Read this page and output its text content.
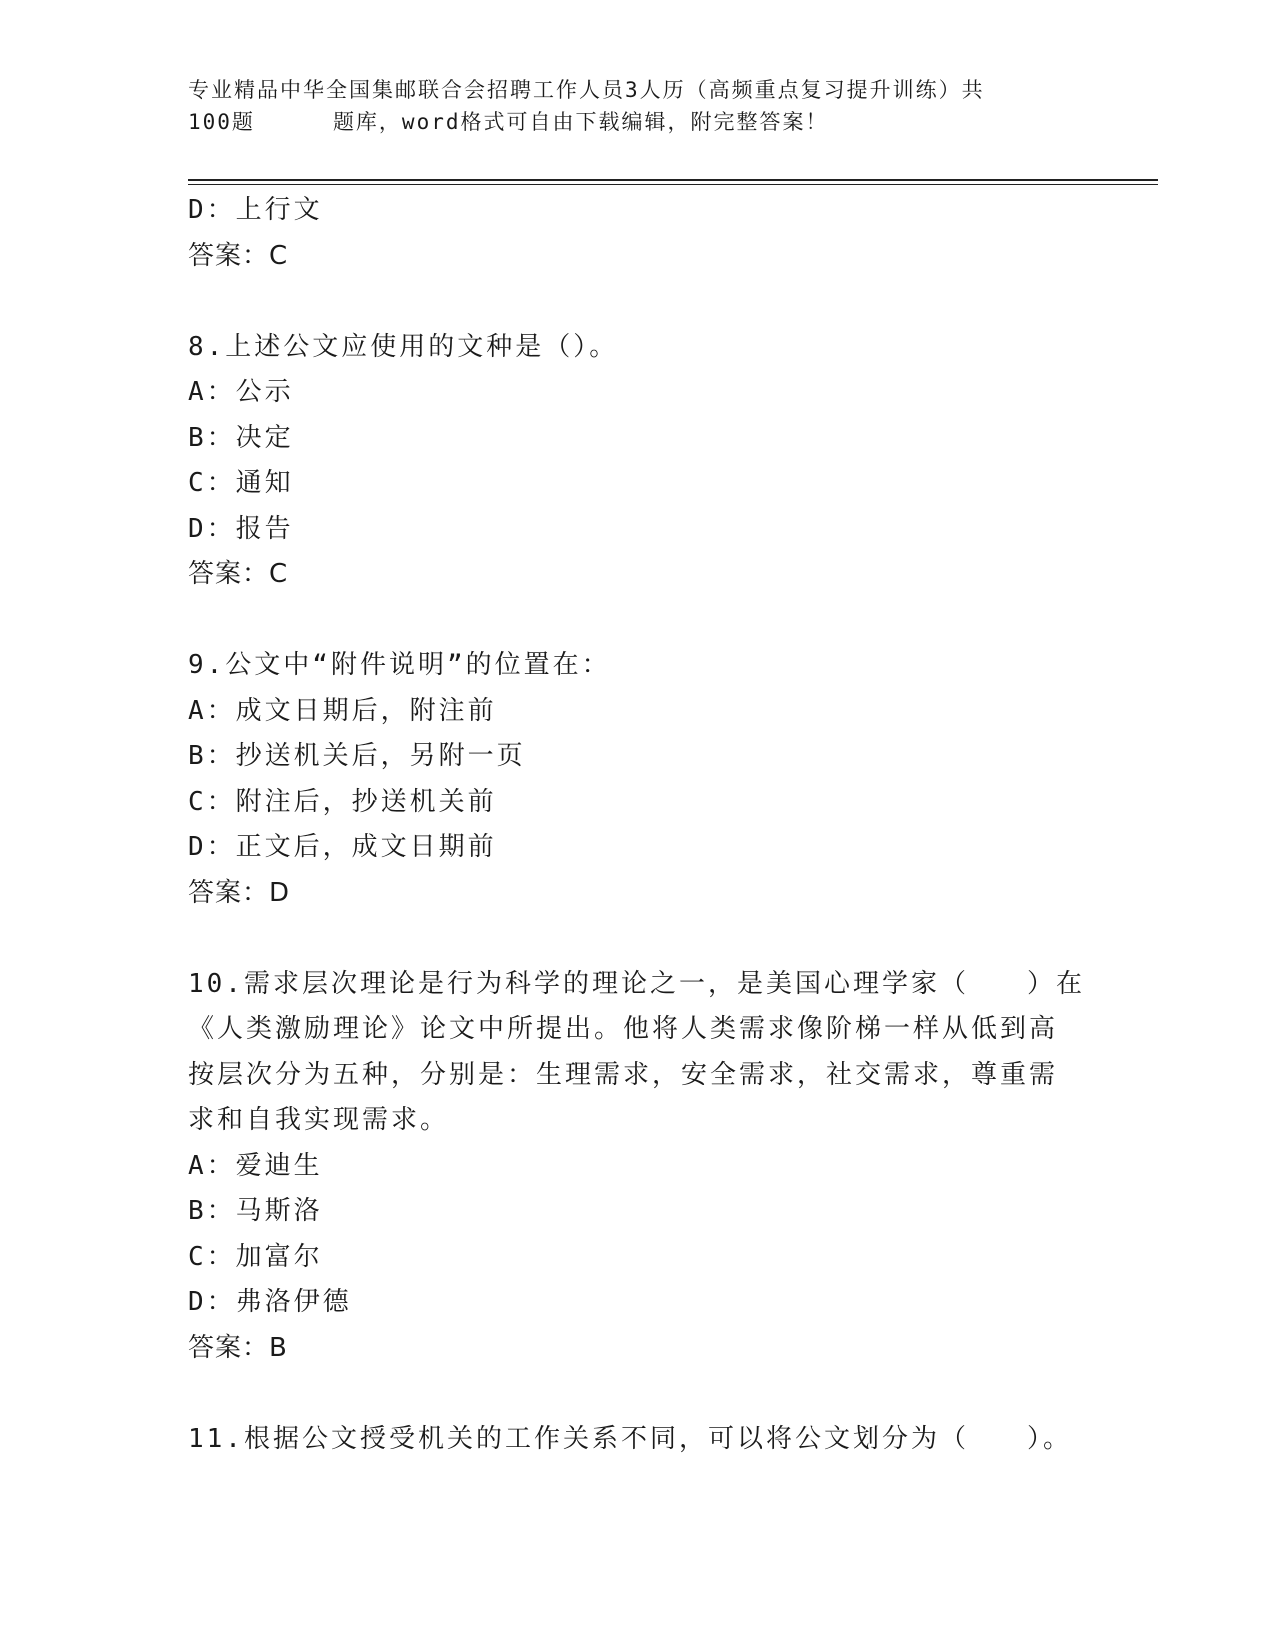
专业精品中华全国集邮联合会招聘工作人员3人历（高频重点复习提升训练）共

100题	题库，word格式可自由下载编辑，附完整答案！
D：上行文
答案：C
8.上述公文应使用的文种是（）。
A：公示
B：决定
C：通知
D：报告
答案：C
9.公文中“附件说明”的位置在：
A：成文日期后，附注前
B：抄送机关后，另附一页
C：附注后，抄送机关前
D：正文后，成文日期前
答案：D
10.需求层次理论是行为科学的理论之一，是美国心理学家（　　）在
《人类激励理论》论文中所提出。他将人类需求像阶梯一样从低到高
按层次分为五种，分别是：生理需求，安全需求，社交需求，尊重需
求和自我实现需求。
A：爱迪生
B：马斯洛
C：加富尔
D：弗洛伊德
答案：B
11.根据公文授受机关的工作关系不同，可以将公文划分为（　　）。
